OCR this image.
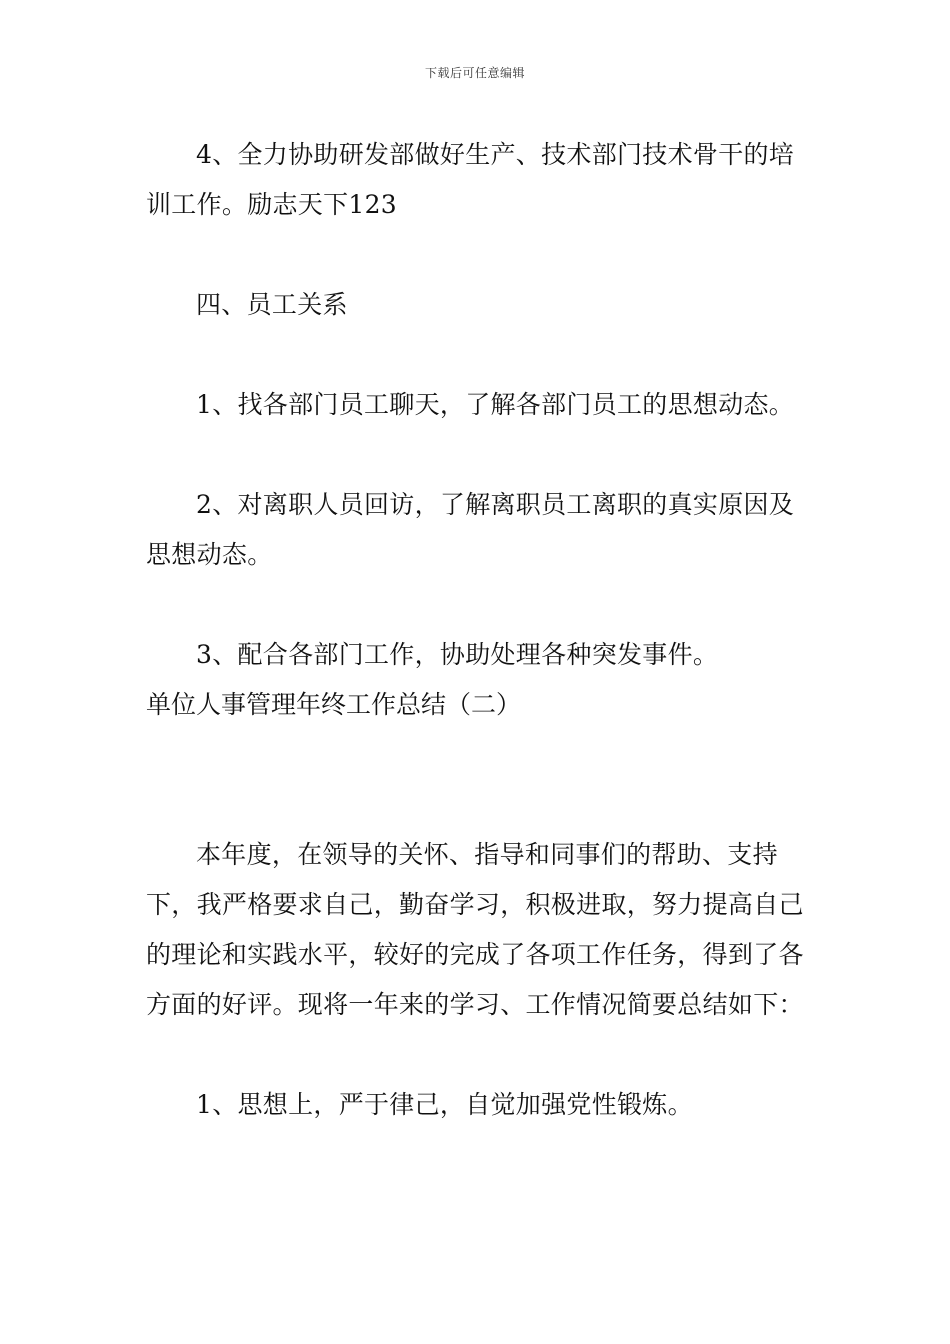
下载后可任意编辑

4、全力协助研发部做好生产、技术部门技术骨干的培训工作。励志天下123

四、员工关系

1、找各部门员工聊天，了解各部门员工的思想动态。

2、对离职人员回访，了解离职员工离职的真实原因及思想动态。

3、配合各部门工作，协助处理各种突发事件。

单位人事管理年终工作总结（二）

本年度，在领导的关怀、指导和同事们的帮助、支持下，我严格要求自己，勤奋学习，积极进取，努力提高自己的理论和实践水平，较好的完成了各项工作任务，得到了各方面的好评。现将一年来的学习、工作情况简要总结如下：

1、思想上，严于律己，自觉加强党性锻炼。
